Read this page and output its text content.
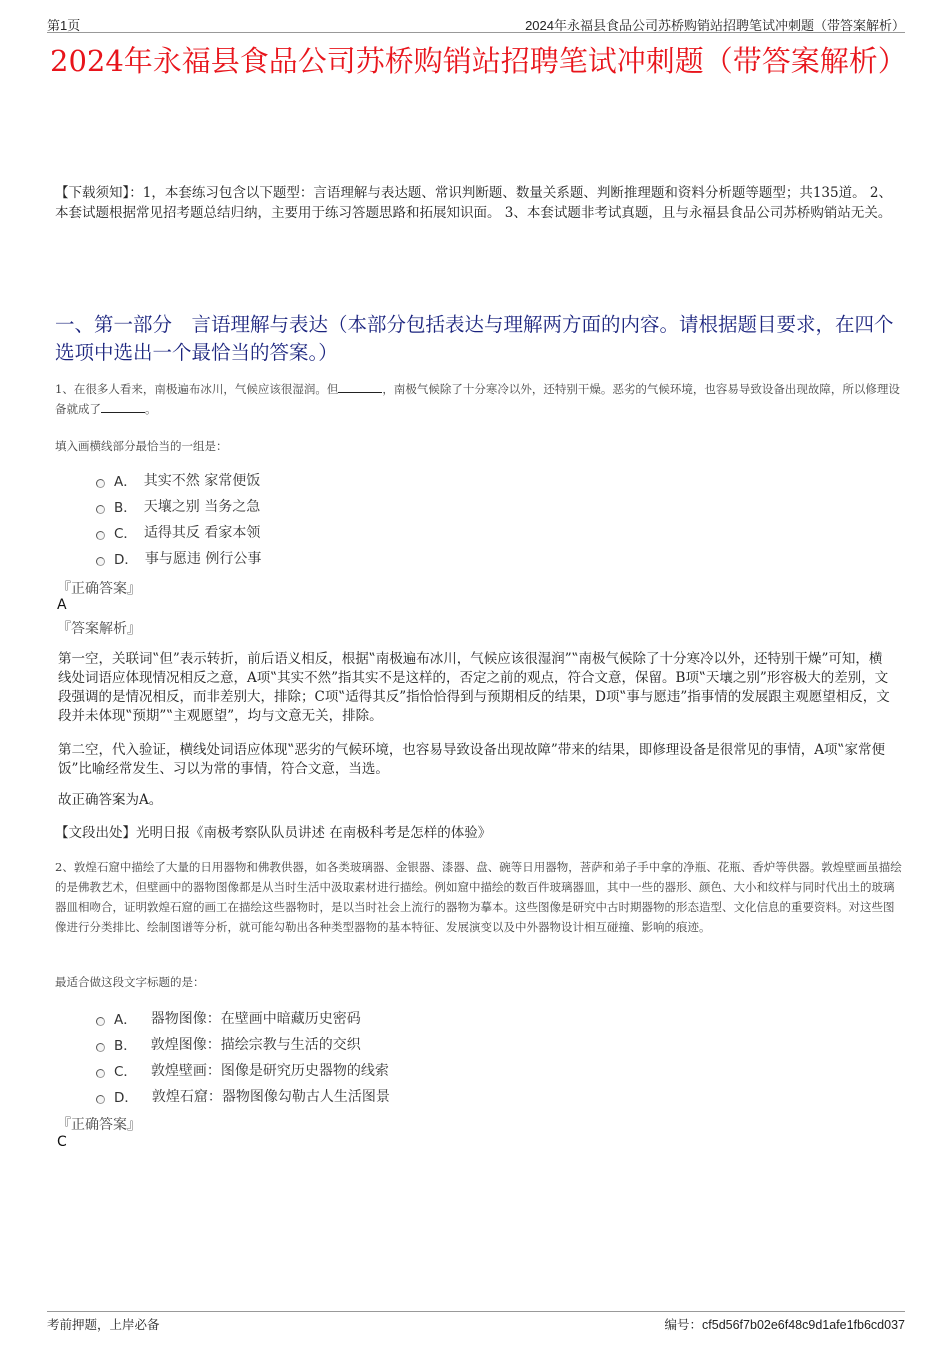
第1页	2024年永福县食品公司苏桥购销站招聘笔试冲刺题（带答案解析）
2024年永福县食品公司苏桥购销站招聘笔试冲刺题（带答案解析）
【下载须知】：1，本套练习包含以下题型：言语理解与表达题、常识判断题、数量关系题、判断推理题和资料分析题等题型；共135道。 2、本套试题根据常见招考题总结归纳，主要用于练习答题思路和拓展知识面。 3、本套试题非考试真题，且与永福县食品公司苏桥购销站无关。
一、第一部分　言语理解与表达（本部分包括表达与理解两方面的内容。请根据题目要求，在四个选项中选出一个最恰当的答案。）
1、在很多人看来，南极遍布冰川，气候应该很湿润。但	，南极气候除了十分寒冷以外，还特别干燥。恶劣的气候环境，也容易导致设备出现故障，所以修理设备就成了	。
填入画横线部分最恰当的一组是：
A． 其实不然 家常便饭
B． 天壤之别 当务之急
C． 适得其反 看家本领
D． 事与愿违 例行公事
『正确答案』
A
『答案解析』
第一空，关联词‟但”表示转折，前后语义相反，根据‟南极遍布冰川，气候应该很湿润”‟南极气候除了十分寒冷以外，还特别干燥”可知，横线处词语应体现情况相反之意，A项‟其实不然”指其实不是这样的，否定之前的观点，符合文意，保留。B项‟天壤之别”形容极大的差别，文段强调的是情况相反，而非差别大，排除；C项‟适得其反”指恰恰得到与预期相反的结果，D项‟事与愿违”指事情的发展跟主观愿望相反，文段并未体现‟预期”‟主观愿望”，均与文意无关，排除。
第二空，代入验证，横线处词语应体现‟恶劣的气候环境，也容易导致设备出现故障”带来的结果，即修理设备是很常见的事情，A项‟家常便饭”比喻经常发生、习以为常的事情，符合文意，当选。
故正确答案为A。
【文段出处】光明日报《南极考察队队员讲述 在南极科考是怎样的体验》
2、敦煌石窟中描绘了大量的日用器物和佛教供器，如各类玻璃器、金银器、漆器、盘、碗等日用器物，菩萨和弟子手中拿的净瓶、花瓶、香炉等供器。敦煌壁画虽描绘的是佛教艺术，但壁画中的器物图像都是从当时生活中汲取素材进行描绘。例如窟中描绘的数百件玻璃器皿，其中一些的器形、颜色、大小和纹样与同时代出土的玻璃器皿相吻合，证明敦煌石窟的画工在描绘这些器物时，是以当时社会上流行的器物为摹本。这些图像是研究中古时期器物的形态造型、文化信息的重要资料。对这些图像进行分类排比、绘制图谱等分析，就可能勾勒出各种类型器物的基本特征、发展演变以及中外器物设计相互碰撞、影响的痕迹。
最适合做这段文字标题的是：
A． 器物图像：在壁画中暗藏历史密码
B． 敦煌图像：描绘宗教与生活的交织
C． 敦煌壁画：图像是研究历史器物的线索
D． 敦煌石窟：器物图像勾勒古人生活图景
『正确答案』
C
考前押题，上岸必备	编号：cf5d56f7b02e6f48c9d1afe1fb6cd037
